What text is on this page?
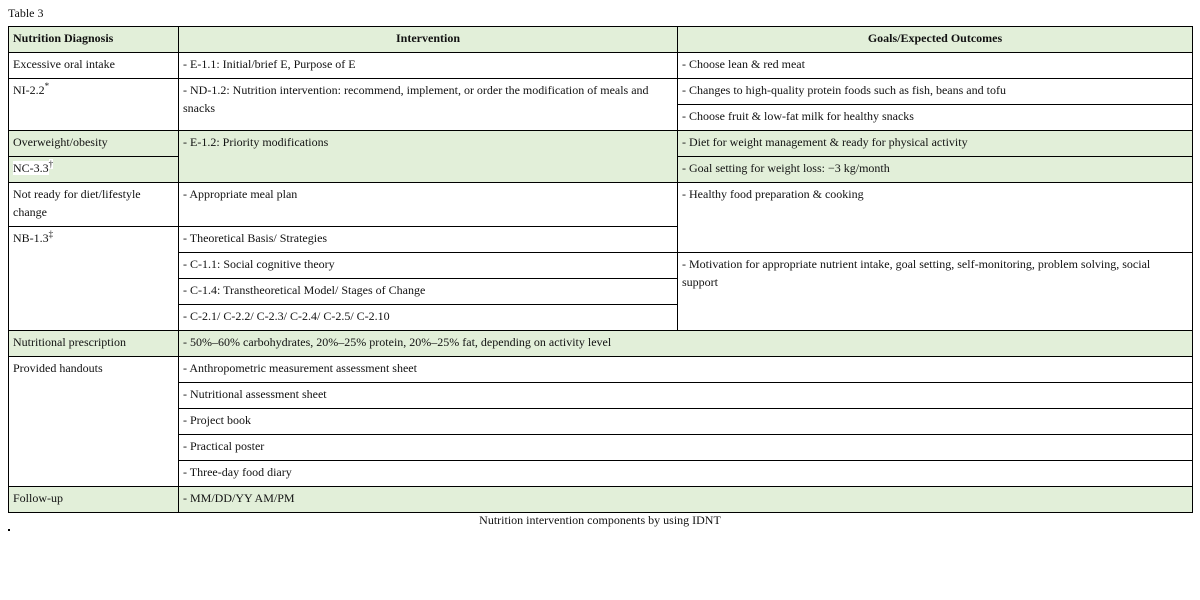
Table 3
Nutrition Diagnosis	Intervention	Goals/Expected Outcomes
Excessive oral intake	- E-1.1: Initial/brief E, Purpose of E	- Choose lean & red meat
NI-2.2*	- ND-1.2: Nutrition intervention: recommend, implement, or order the modification of meals and snacks	- Changes to high-quality protein foods such as fish, beans and tofu
		- Choose fruit & low-fat milk for healthy snacks
Overweight/obesity	- E-1.2: Priority modifications	- Diet for weight management & ready for physical activity
NC-3.3†		- Goal setting for weight loss: −3 kg/month
Not ready for diet/lifestyle change	- Appropriate meal plan	- Healthy food preparation & cooking
NB-1.3‡	- Theoretical Basis/ Strategies	
	- C-1.1: Social cognitive theory	- Motivation for appropriate nutrient intake, goal setting, self-monitoring, problem solving, social support
	- C-1.4: Transtheoretical Model/ Stages of Change	
	- C-2.1/ C-2.2/ C-2.3/ C-2.4/ C-2.5/ C-2.10	
Nutritional prescription	- 50%–60% carbohydrates, 20%–25% protein, 20%–25% fat, depending on activity level	
Provided handouts	- Anthropometric measurement assessment sheet	
	- Nutritional assessment sheet	
	- Project book	
	- Practical poster	
	- Three-day food diary	
Follow-up	- MM/DD/YY AM/PM	
Nutrition intervention components by using IDNT
